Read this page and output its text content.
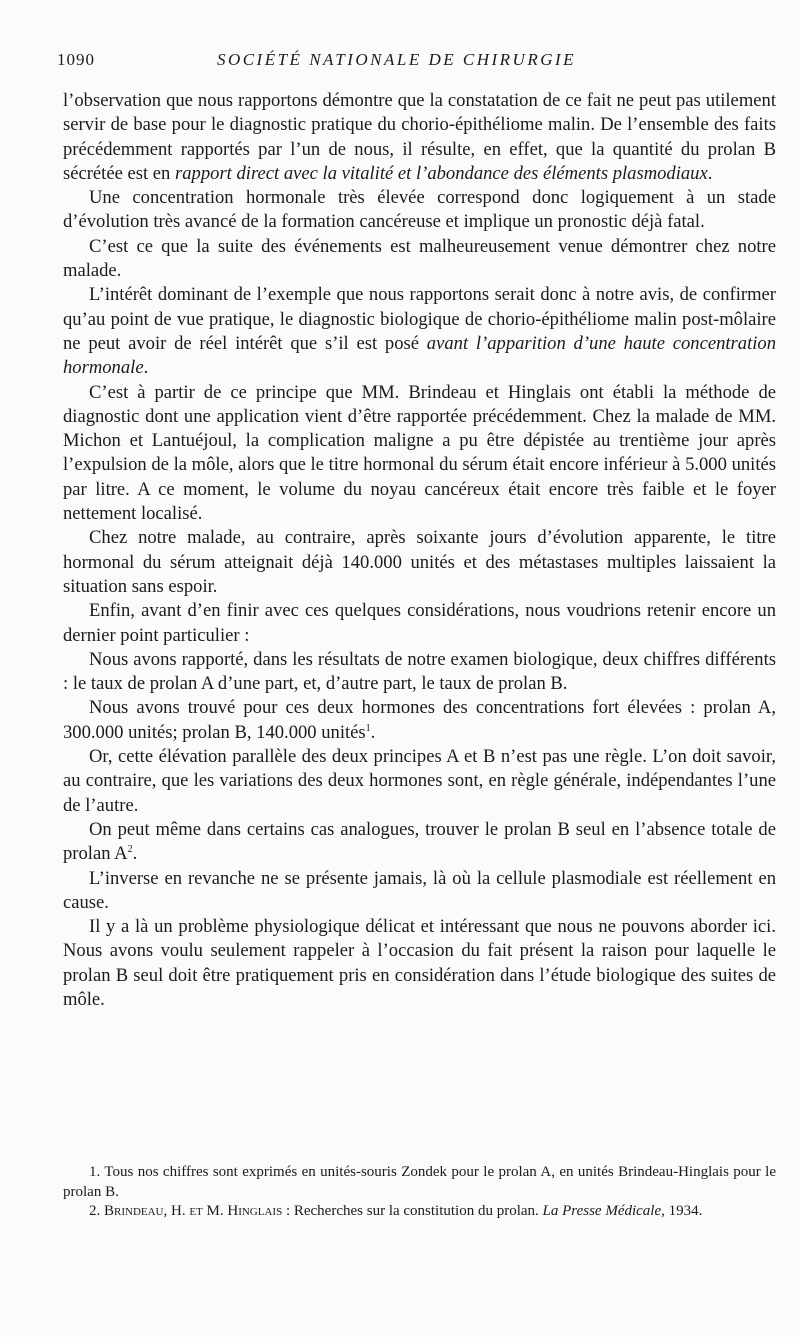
1090	SOCIÉTÉ NATIONALE DE CHIRURGIE

l’observation que nous rapportons démontre que la constatation de ce fait ne peut pas utilement servir de base pour le diagnostic pratique du chorio-épithéliome malin. De l’ensemble des faits précédemment rapportés par l’un de nous, il résulte, en effet, que la quantité du prolan B sécrétée est en rapport direct avec la vitalité et l’abondance des éléments plasmodiaux.

Une concentration hormonale très élevée correspond donc logiquement à un stade d’évolution très avancé de la formation cancéreuse et implique un pronostic déjà fatal.

C’est ce que la suite des événements est malheureusement venue démontrer chez notre malade.

L’intérêt dominant de l’exemple que nous rapportons serait donc à notre avis, de confirmer qu’au point de vue pratique, le diagnostic biologique de chorio-épithéliome malin post-môlaire ne peut avoir de réel intérêt que s’il est posé avant l’apparition d’une haute concentration hormonale.

C’est à partir de ce principe que MM. Brindeau et Hinglais ont établi la méthode de diagnostic dont une application vient d’être rapportée précédemment. Chez la malade de MM. Michon et Lantuéjoul, la complication maligne a pu être dépistée au trentième jour après l’expulsion de la môle, alors que le titre hormonal du sérum était encore inférieur à 5.000 unités par litre. A ce moment, le volume du noyau cancéreux était encore très faible et le foyer nettement localisé.

Chez notre malade, au contraire, après soixante jours d’évolution apparente, le titre hormonal du sérum atteignait déjà 140.000 unités et des métastases multiples laissaient la situation sans espoir.

Enfin, avant d’en finir avec ces quelques considérations, nous voudrions retenir encore un dernier point particulier :

Nous avons rapporté, dans les résultats de notre examen biologique, deux chiffres différents : le taux de prolan A d’une part, et, d’autre part, le taux de prolan B.

Nous avons trouvé pour ces deux hormones des concentrations fort élevées : prolan A, 300.000 unités; prolan B, 140.000 unités$^1$.

Or, cette élévation parallèle des deux principes A et B n’est pas une règle. L’on doit savoir, au contraire, que les variations des deux hormones sont, en règle générale, indépendantes l’une de l’autre.

On peut même dans certains cas analogues, trouver le prolan B seul en l’absence totale de prolan $A^2$.

L’inverse en revanche ne se présente jamais, là où la cellule plasmodiale est réellement en cause.

Il y a là un problème physiologique délicat et intéressant que nous ne pouvons aborder ici. Nous avons voulu seulement rappeler à l’occasion du fait présent la raison pour laquelle le prolan B seul doit être pratiquement pris en considération dans l’étude biologique des suites de môle.

1. Tous nos chiffres sont exprimés en unités-souris Zondek pour le prolan A, en unités Brindeau-Hinglais pour le prolan B.

2. Brindeau, H. et M. Hinglais : Recherches sur la constitution du prolan. La Presse Médicale, 1934.
